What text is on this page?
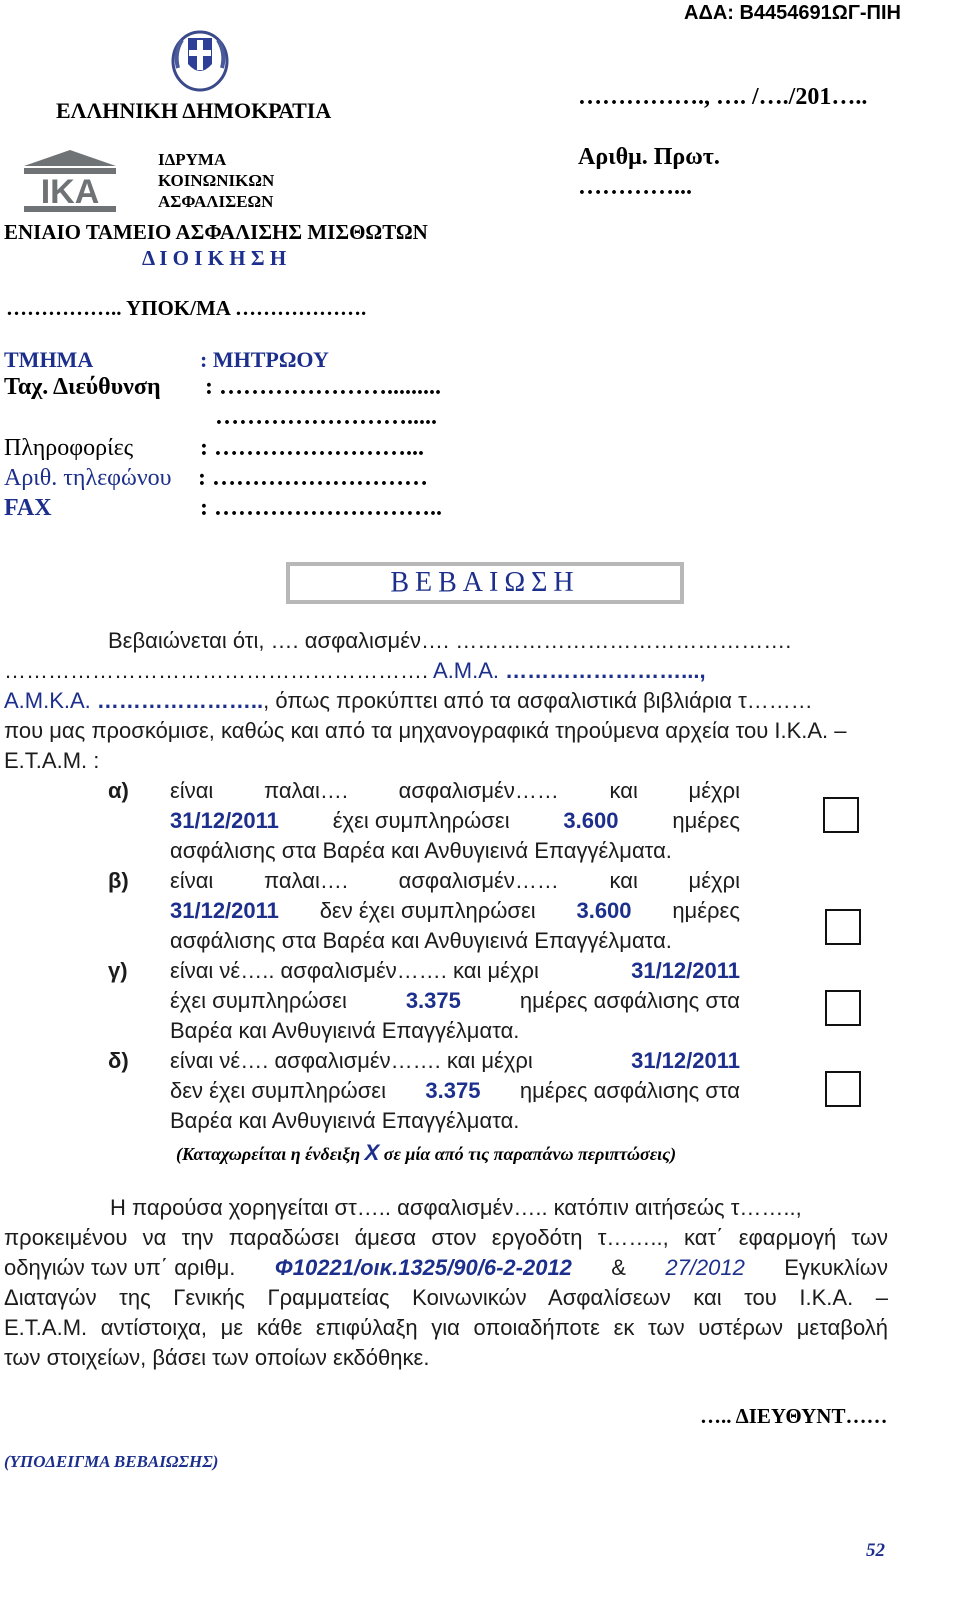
ΑΔΑ: Β4454691ΩΓ-ΠΙΗ
ΕΛΛΗΝΙΚΗ ΔΗΜΟΚΡΑΤΙΑ
IKA
ΙΔΡΥΜΑ
ΚΟΙΝΩΝΙΚΩΝ
ΑΣΦΑΛΙΣΕΩΝ
ΕΝΙΑΙΟ ΤΑΜΕΙΟ ΑΣΦΑΛΙΣΗΣ ΜΙΣΘΩΤΩΝ
Δ Ι Ο Ι Κ Η Σ Η
……………., …. /…./201…..
Αριθμ. Πρωτ.
…………...
…………….. ΥΠΟΚ/ΜΑ ……………….
ΤΜΗΜΑ	: ΜΗΤΡΩΟΥ
Ταχ. Διεύθυνση : ………………….........
…………………….....
Πληροφορίες	: ……………………...
Αριθ. τηλεφώνου : ………………………
FAX	: ………………………..
ΒΕΒΑΙΩΣΗ
Βεβαιώνεται ότι, …. ασφαλισμέν…. ……………………………………….
…………………………………………………. Α.Μ.Α. ……………………...,
Α.Μ.Κ.Α. ………………….., όπως προκύπτει από τα ασφαλιστικά βιβλιάρια τ………
που μας προσκόμισε, καθώς και από τα μηχανογραφικά τηρούμενα αρχεία του Ι.Κ.Α. –
Ε.Τ.Α.Μ. :
α) είναι παλαι…. ασφαλισμέν…… και μέχρι
31/12/2011 έχει συμπληρώσει 3.600 ημέρες
ασφάλισης στα Βαρέα και Ανθυγιεινά Επαγγέλματα.
β) είναι παλαι…. ασφαλισμέν…… και μέχρι
31/12/2011 δεν έχει συμπληρώσει 3.600 ημέρες
ασφάλισης στα Βαρέα και Ανθυγιεινά Επαγγέλματα.
γ) είναι νέ….. ασφαλισμέν……. και μέχρι	31/12/2011
έχει συμπληρώσει	3.375	ημέρες ασφάλισης στα
Βαρέα και Ανθυγιεινά Επαγγέλματα.
δ) είναι νέ…. ασφαλισμέν……. και μέχρι	31/12/2011
δεν έχει συμπληρώσει 3.375 ημέρες ασφάλισης στα
Βαρέα και Ανθυγιεινά Επαγγέλματα.
(Καταχωρείται η ένδειξη X σε μία από τις παραπάνω περιπτώσεις)
Η παρούσα χορηγείται στ….. ασφαλισμέν….. κατόπιν αιτήσεώς τ……..,
προκειμένου να την παραδώσει άμεσα στον εργοδότη τ…….., κατ΄ εφαρμογή των
οδηγιών των υπ΄ αριθμ. Φ10221/οικ.1325/90/6-2-2012 & 27/2012 Εγκυκλίων
Διαταγών της Γενικής Γραμματείας Κοινωνικών Ασφαλίσεων και του Ι.Κ.Α. –
Ε.Τ.Α.Μ. αντίστοιχα, με κάθε επιφύλαξη για οποιαδήποτε εκ των υστέρων μεταβολή
των στοιχείων, βάσει των οποίων εκδόθηκε.
….. ΔΙΕΥΘΥΝΤ……
(ΥΠΟΔΕΙΓΜΑ ΒΕΒΑΙΩΣΗΣ)
52
